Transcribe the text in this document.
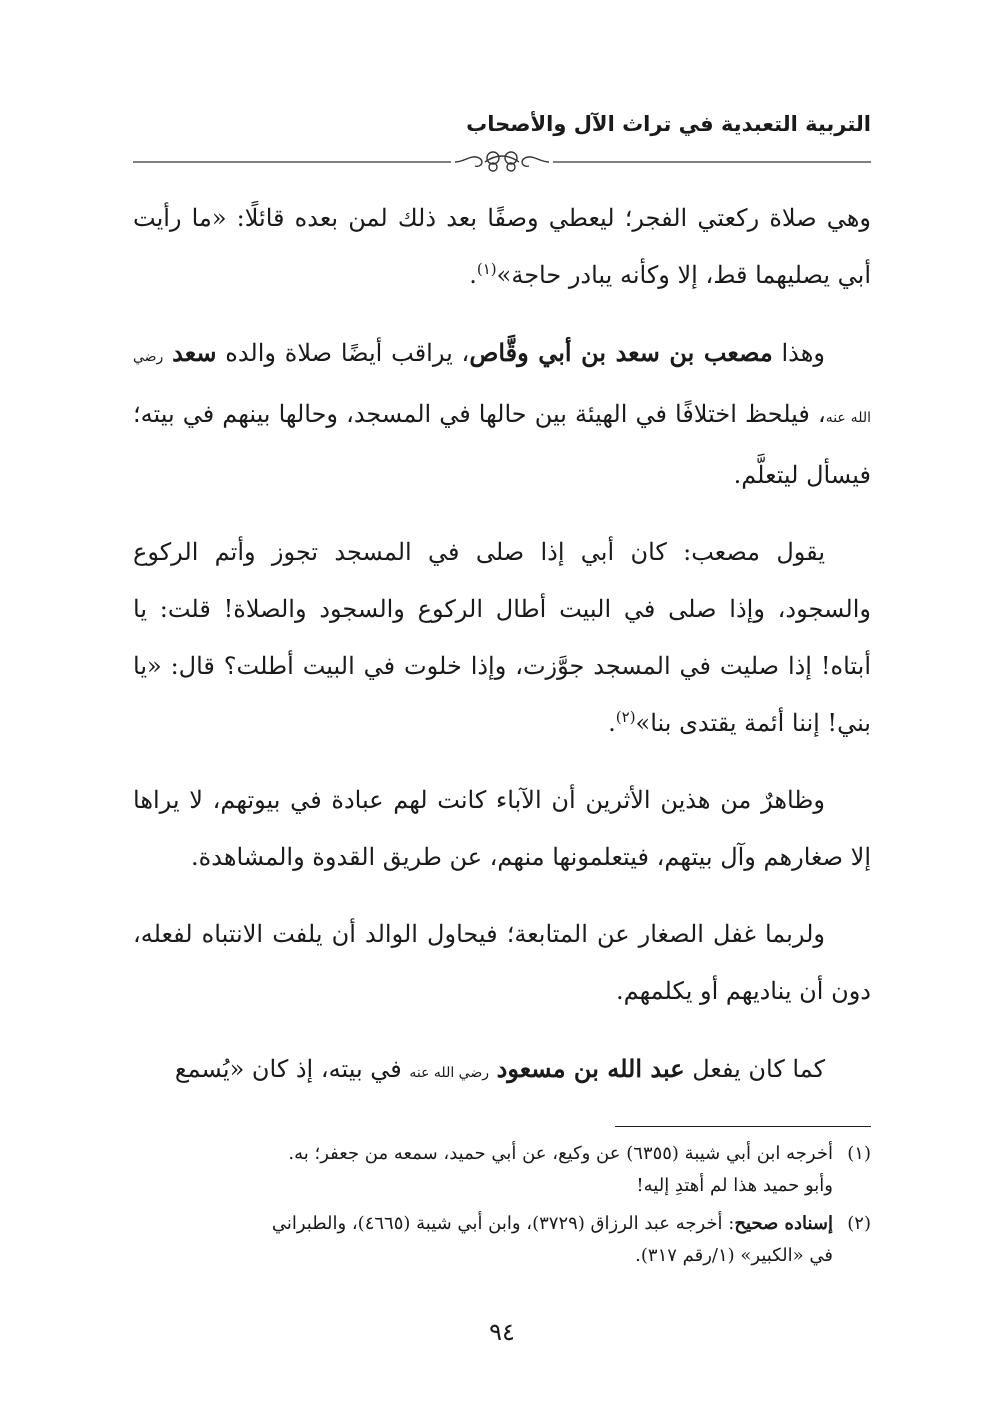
التربية التعبدية في تراث الآل والأصحاب

وهي صلاة ركعتي الفجر؛ ليعطي وصفًا بعد ذلك لمن بعده قائلًا: «ما رأيت أبي يصليهما قط، إلا وكأنه يبادر حاجة»$^{(١)}$.

وهذا مصعب بن سعد بن أبي وقَّاص، يراقب أيضًا صلاة والده سعد رضي الله عنه، فيلحظ اختلافًا في الهيئة بين حالها في المسجد، وحالها بينهم في بيته؛ فيسأل ليتعلَّم.

يقول مصعب: كان أبي إذا صلى في المسجد تجوز وأتم الركوع والسجود، وإذا صلى في البيت أطال الركوع والسجود والصلاة! قلت: يا أبتاه! إذا صليت في المسجد جوَّزت، وإذا خلوت في البيت أطلت؟ قال: «يا بني! إننا أئمة يقتدى بنا»$^{(٢)}$.

وظاهرٌ من هذين الأثرين أن الآباء كانت لهم عبادة في بيوتهم، لا يراها إلا صغارهم وآل بيتهم، فيتعلمونها منهم، عن طريق القدوة والمشاهدة.

ولربما غفل الصغار عن المتابعة؛ فيحاول الوالد أن يلفت الانتباه لفعله، دون أن يناديهم أو يكلمهم.

كما كان يفعل عبد الله بن مسعود رضي الله عنه في بيته، إذ كان «يُسمع

(١)أخرجه ابن أبي شيبة (٦٣٥٥) عن وكيع، عن أبي حميد، سمعه من جعفر؛ به.
وأبو حميد هذا لم أهتدِ إليه!
(٢)إسناده صحيح: أخرجه عبد الرزاق (٣٧٢٩)، وابن أبي شيبة (٤٦٦٥)، والطبراني
في «الكبير» (١/رقم ٣١٧).
٩٤
